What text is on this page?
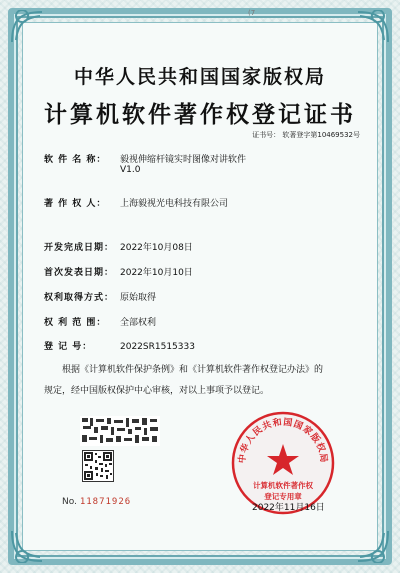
(7
中华人民共和国国家版权局
计算机软件著作权登记证书
证书号： 软著登字第10469532号
软 件 名 称： 毅视伸缩杆镜实时图像对讲软件
V1.0
著 作 权 人： 上海毅视光电科技有限公司
开发完成日期： 2022年10月08日
首次发表日期： 2022年10月10日
权利取得方式： 原始取得
权 利 范 围： 全部权利
登 记 号：	2022SR1515333
根据《计算机软件保护条例》和《计算机软件著作权登记办法》的
规定，经中国版权保护中心审核，对以上事项予以登记。
No. 11871926
中华人民共和国国家版权局
计算机软件著作权
登记专用章
2022年11月16日
